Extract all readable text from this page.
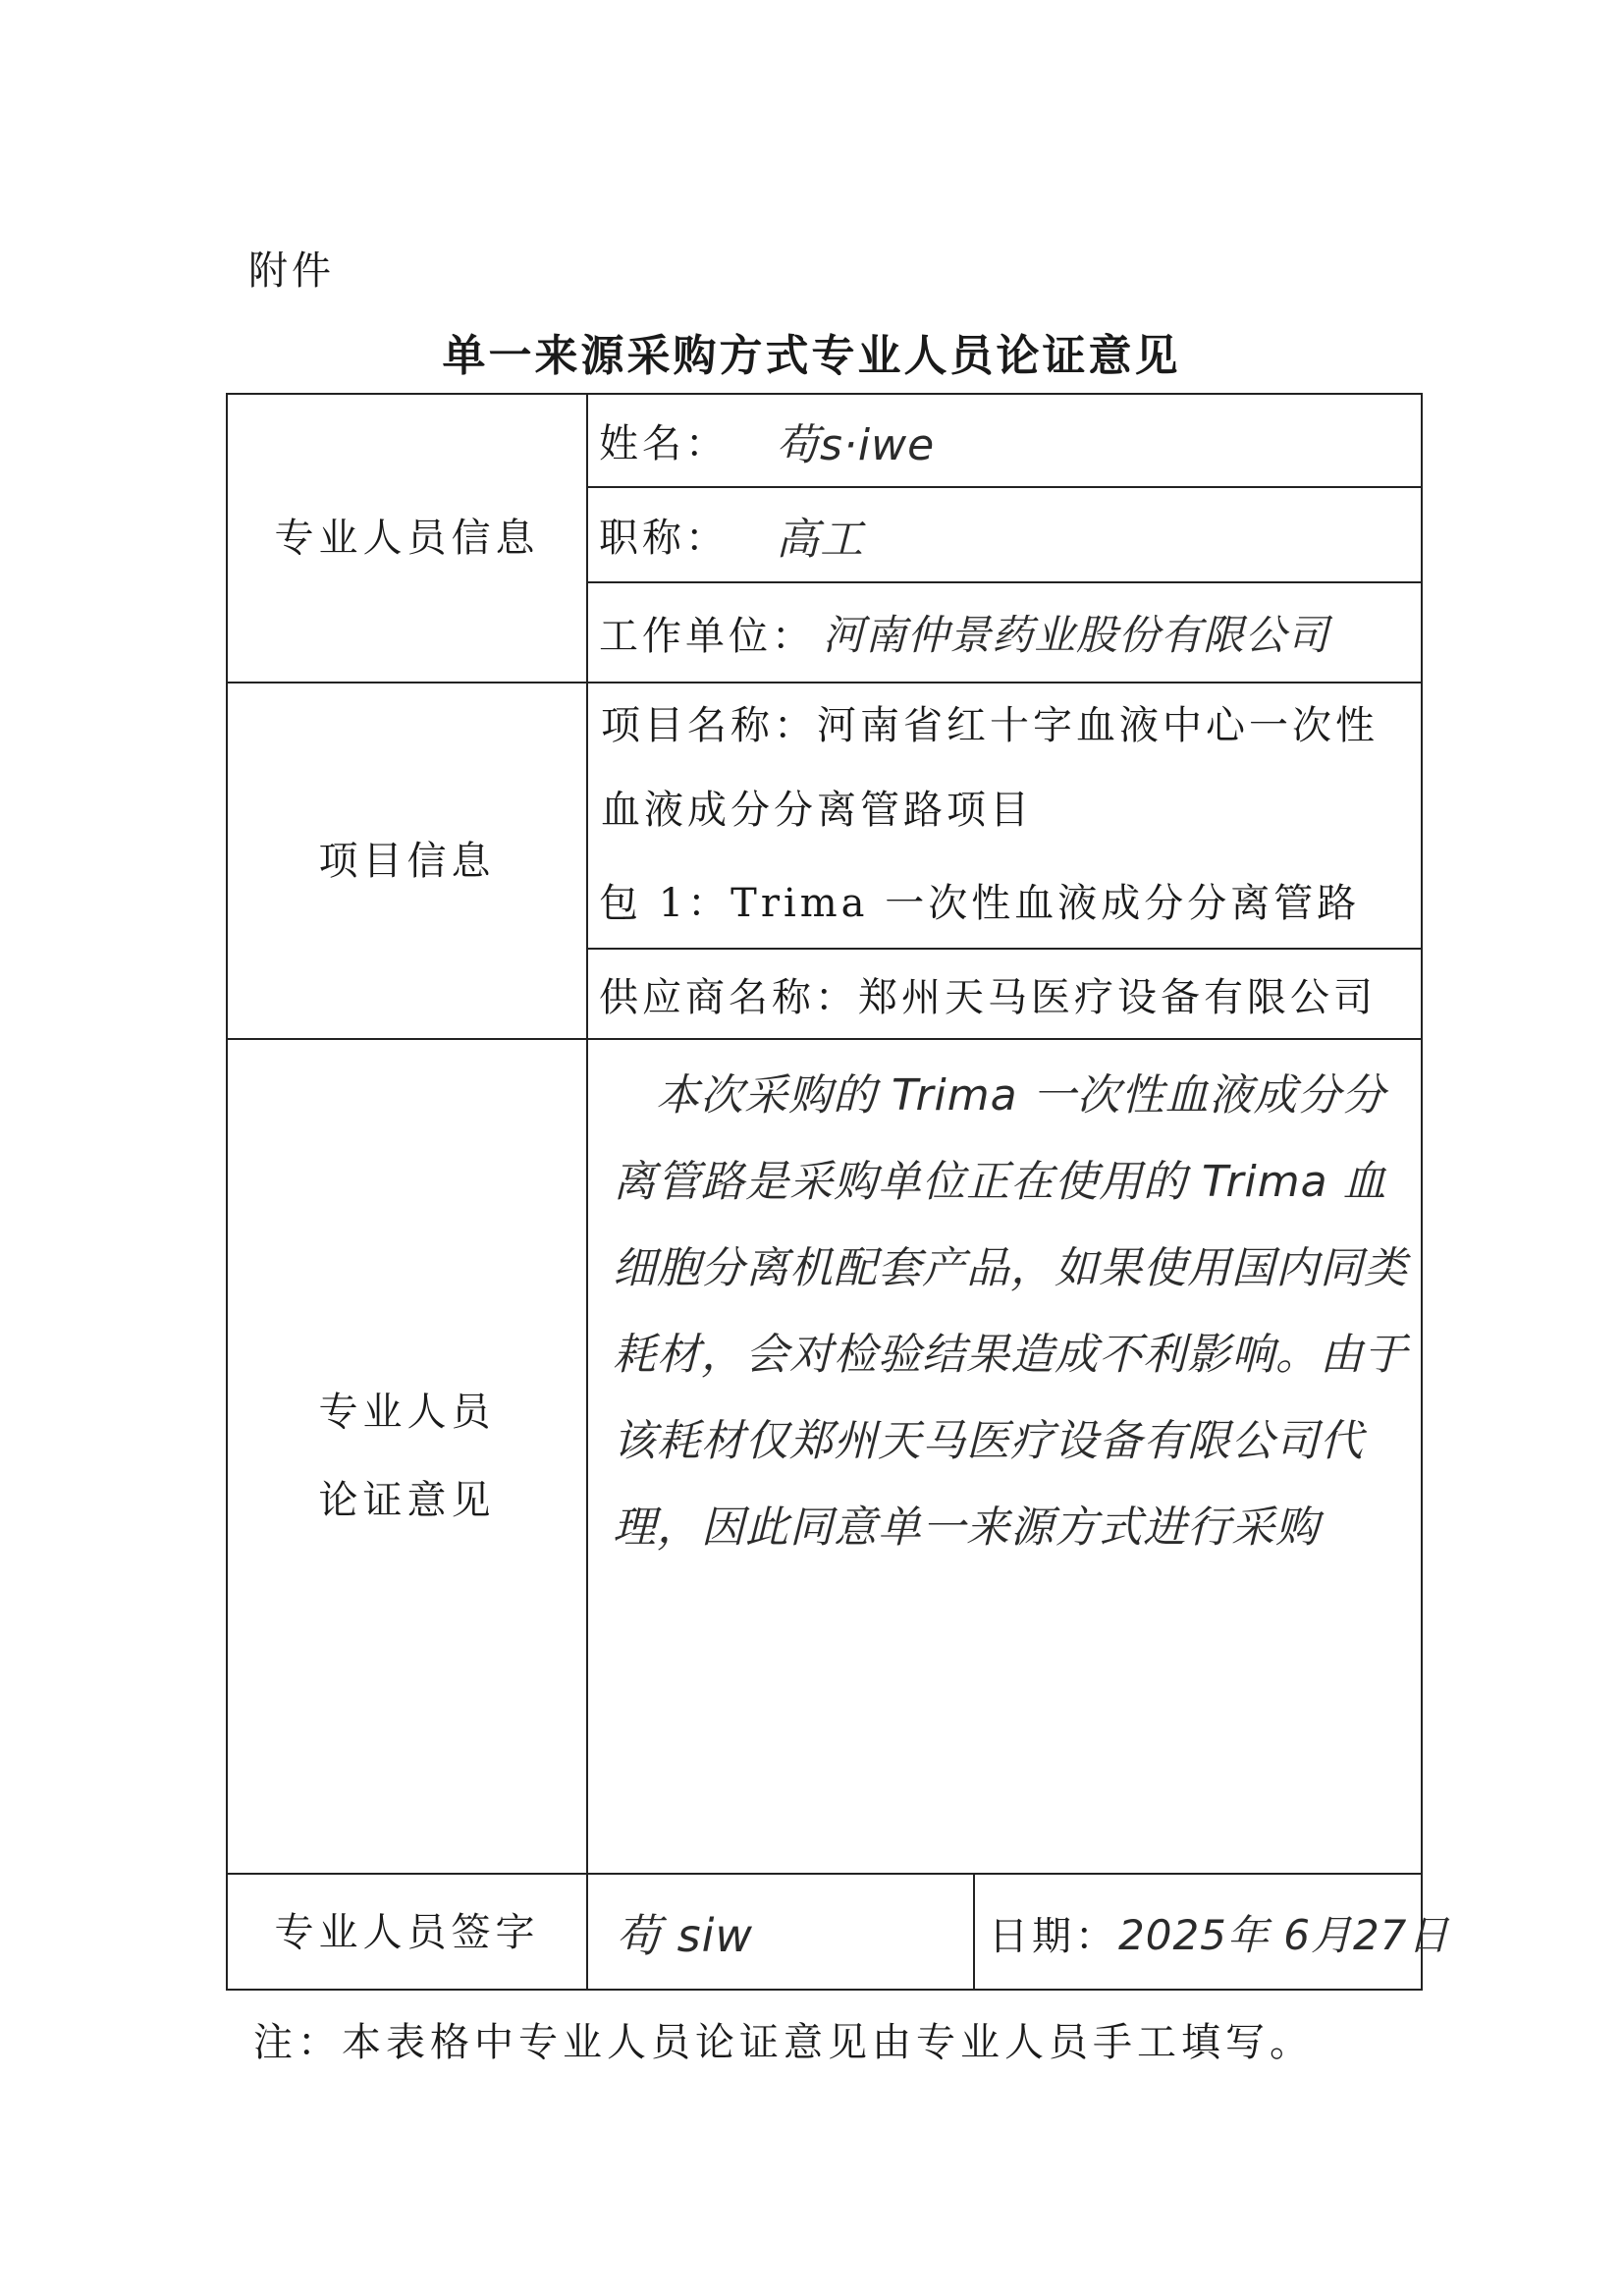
附件
单一来源采购方式专业人员论证意见
专业人员信息
姓名： 苟s·iwe
职称： 高工
工作单位： 河南仲景药业股份有限公司
项目信息
项目名称：河南省红十字血液中心一次性血液成分分离管路项目
包 1：Trima 一次性血液成分分离管路
供应商名称：郑州天马医疗设备有限公司
专业人员
论证意见
本次采购的 Trima 一次性血液成分分离管路是采购单位正在使用的 Trima 血细胞分离机配套产品，如果使用国内同类耗材，会对检验结果造成不利影响。由于该耗材仅郑州天马医疗设备有限公司代理，因此同意单一来源方式进行采购
专业人员签字	苟 siw	日期： 2025年 6月27日
注：本表格中专业人员论证意见由专业人员手工填写。
